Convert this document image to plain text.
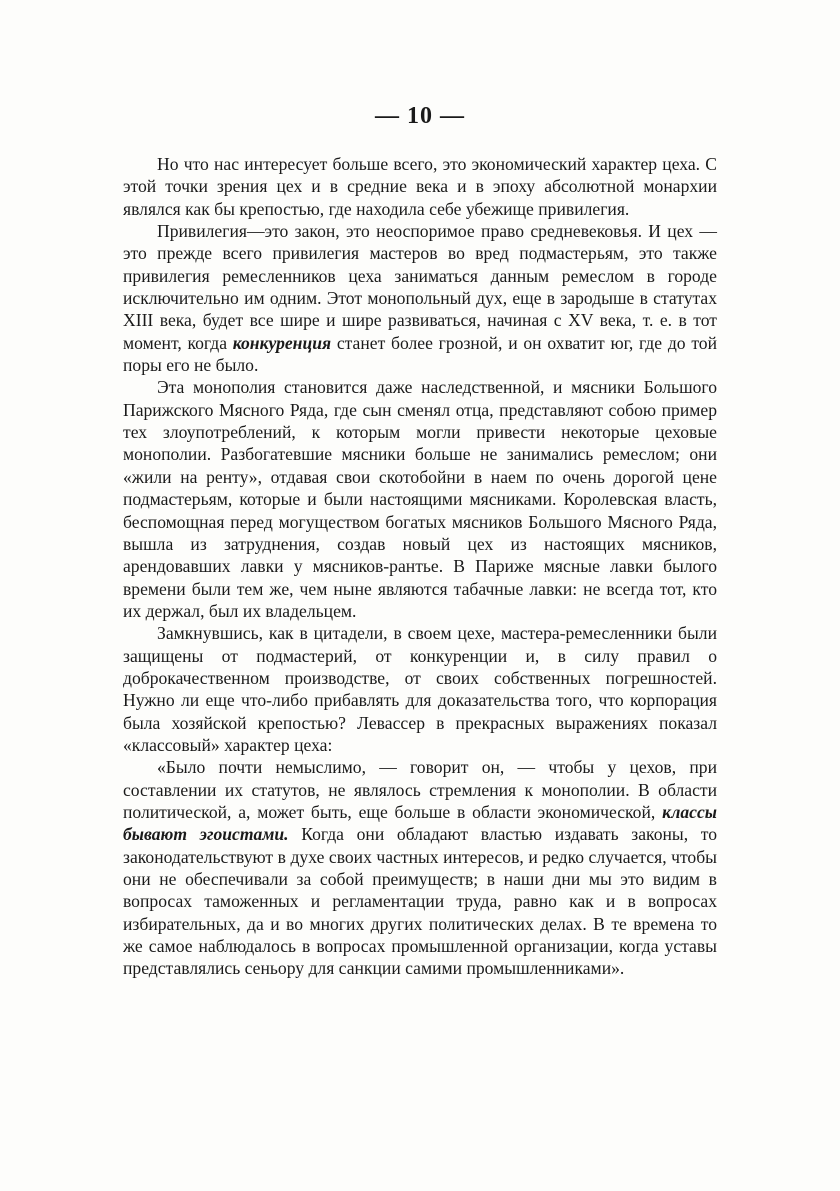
— 10 —

Но что нас интересует больше всего, это экономический характер цеха. С этой точки зрения цех и в средние века и в эпоху абсолютной монархии являлся как бы крепостью, где находила себе убежище привилегия.

Привилегия—это закон, это неоспоримое право средневековья. И цех — это прежде всего привилегия мастеров во вред подмастерьям, это также привилегия ремесленников цеха заниматься данным ремеслом в городе исключительно им одним. Этот монопольный дух, еще в зародыше в статутах XIII века, будет все шире и шире развиваться, начиная с XV века, т. е. в тот момент, когда конкуренция станет более грозной, и он охватит юг, где до той поры его не было.

Эта монополия становится даже наследственной, и мясники Большого Парижского Мясного Ряда, где сын сменял отца, представляют собою пример тех злоупотреблений, к которым могли привести некоторые цеховые монополии. Разбогатевшие мясники больше не занимались ремеслом; они «жили на ренту», отдавая свои скотобойни в наем по очень дорогой цене подмастерьям, которые и были настоящими мясниками. Королевская власть, беспомощная перед могуществом богатых мясников Большого Мясного Ряда, вышла из затруднения, создав новый цех из настоящих мясников, арендовавших лавки у мясников-рантье. В Париже мясные лавки былого времени были тем же, чем ныне являются табачные лавки: не всегда тот, кто их держал, был их владельцем.

Замкнувшись, как в цитадели, в своем цехе, мастера-ремесленники были защищены от подмастерий, от конкуренции и, в силу правил о доброкачественном производстве, от своих собственных погрешностей. Нужно ли еще что-либо прибавлять для доказательства того, что корпорация была хозяйской крепостью? Левассер в прекрасных выражениях показал «классовый» характер цеха:

«Было почти немыслимо, — говорит он, — чтобы у цехов, при составлении их статутов, не являлось стремления к монополии. В области политической, а, может быть, еще больше в области экономической, классы бывают эгоистами. Когда они обладают властью издавать законы, то законодательствуют в духе своих частных интересов, и редко случается, чтобы они не обеспечивали за собой преимуществ; в наши дни мы это видим в вопросах таможенных и регламентации труда, равно как и в вопросах избирательных, да и во многих других политических делах. В те времена то же самое наблюдалось в вопросах промышленной организации, когда уставы представлялись сеньору для санкции самими промышленниками».
